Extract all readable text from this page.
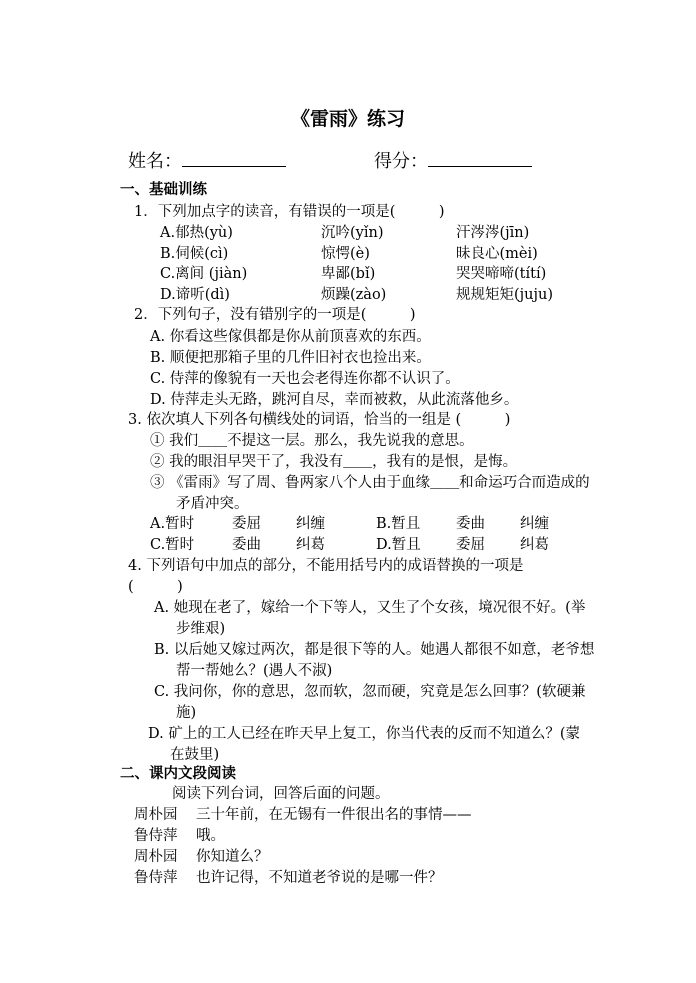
《雷雨》练习
姓名：	得分：
一、基础训练
1．下列加点字的读音，有错误的一项是(　　　)
A.郁热(yù)	沉吟(yǐn)	汗涔涔(jīn)
B.伺候(cì)	惊愕(è)	昧良心(mèi)
C.离间 (jiàn)	卑鄙(bǐ)	哭哭啼啼(títí)
D.谛听(dì)	烦躁(zào)	规规矩矩(juju)
2．下列句子，没有错别字的一项是(　　　)
A. 你看这些傢俱都是你从前顶喜欢的东西。
B. 顺便把那箱子里的几件旧衬衣也捡出来。
C. 侍萍的像貌有一天也会老得连你都不认识了。
D. 侍萍走头无路，跳河自尽，幸而被救，从此流落他乡。
3. 依次填人下列各句横线处的词语，恰当的一组是 (　　　)
① 我们＿＿不提这一层。那么，我先说我的意思。
② 我的眼泪早哭干了，我没有＿＿，我有的是恨，是悔。
③ 《雷雨》写了周、鲁两家八个人由于血缘＿＿和命运巧合而造成的
矛盾冲突。
A.暂时	委屈 纠缠	B.暂且 委曲 纠缠
C.暂时	委曲 纠葛	D.暂且 委屈 纠葛
4. 下列语句中加点的部分，不能用括号内的成语替换的一项是
(　　　)
A. 她现在老了，嫁给一个下等人，又生了个女孩，境况很不好。(举
步维艰)
B. 以后她又嫁过两次，都是很下等的人。她遇人都很不如意，老爷想
帮一帮她么？(遇人不淑)
C. 我问你，你的意思，忽而软，忽而硬，究竟是怎么回事？(软硬兼
施)
D. 矿上的工人已经在昨天早上复工，你当代表的反而不知道么？(蒙
在鼓里)
二、课内文段阅读
阅读下列台词，回答后面的问题。
周朴园 三十年前，在无锡有一件很出名的事情——
鲁侍萍 哦。
周朴园 你知道么？
鲁侍萍 也许记得，不知道老爷说的是哪一件？
